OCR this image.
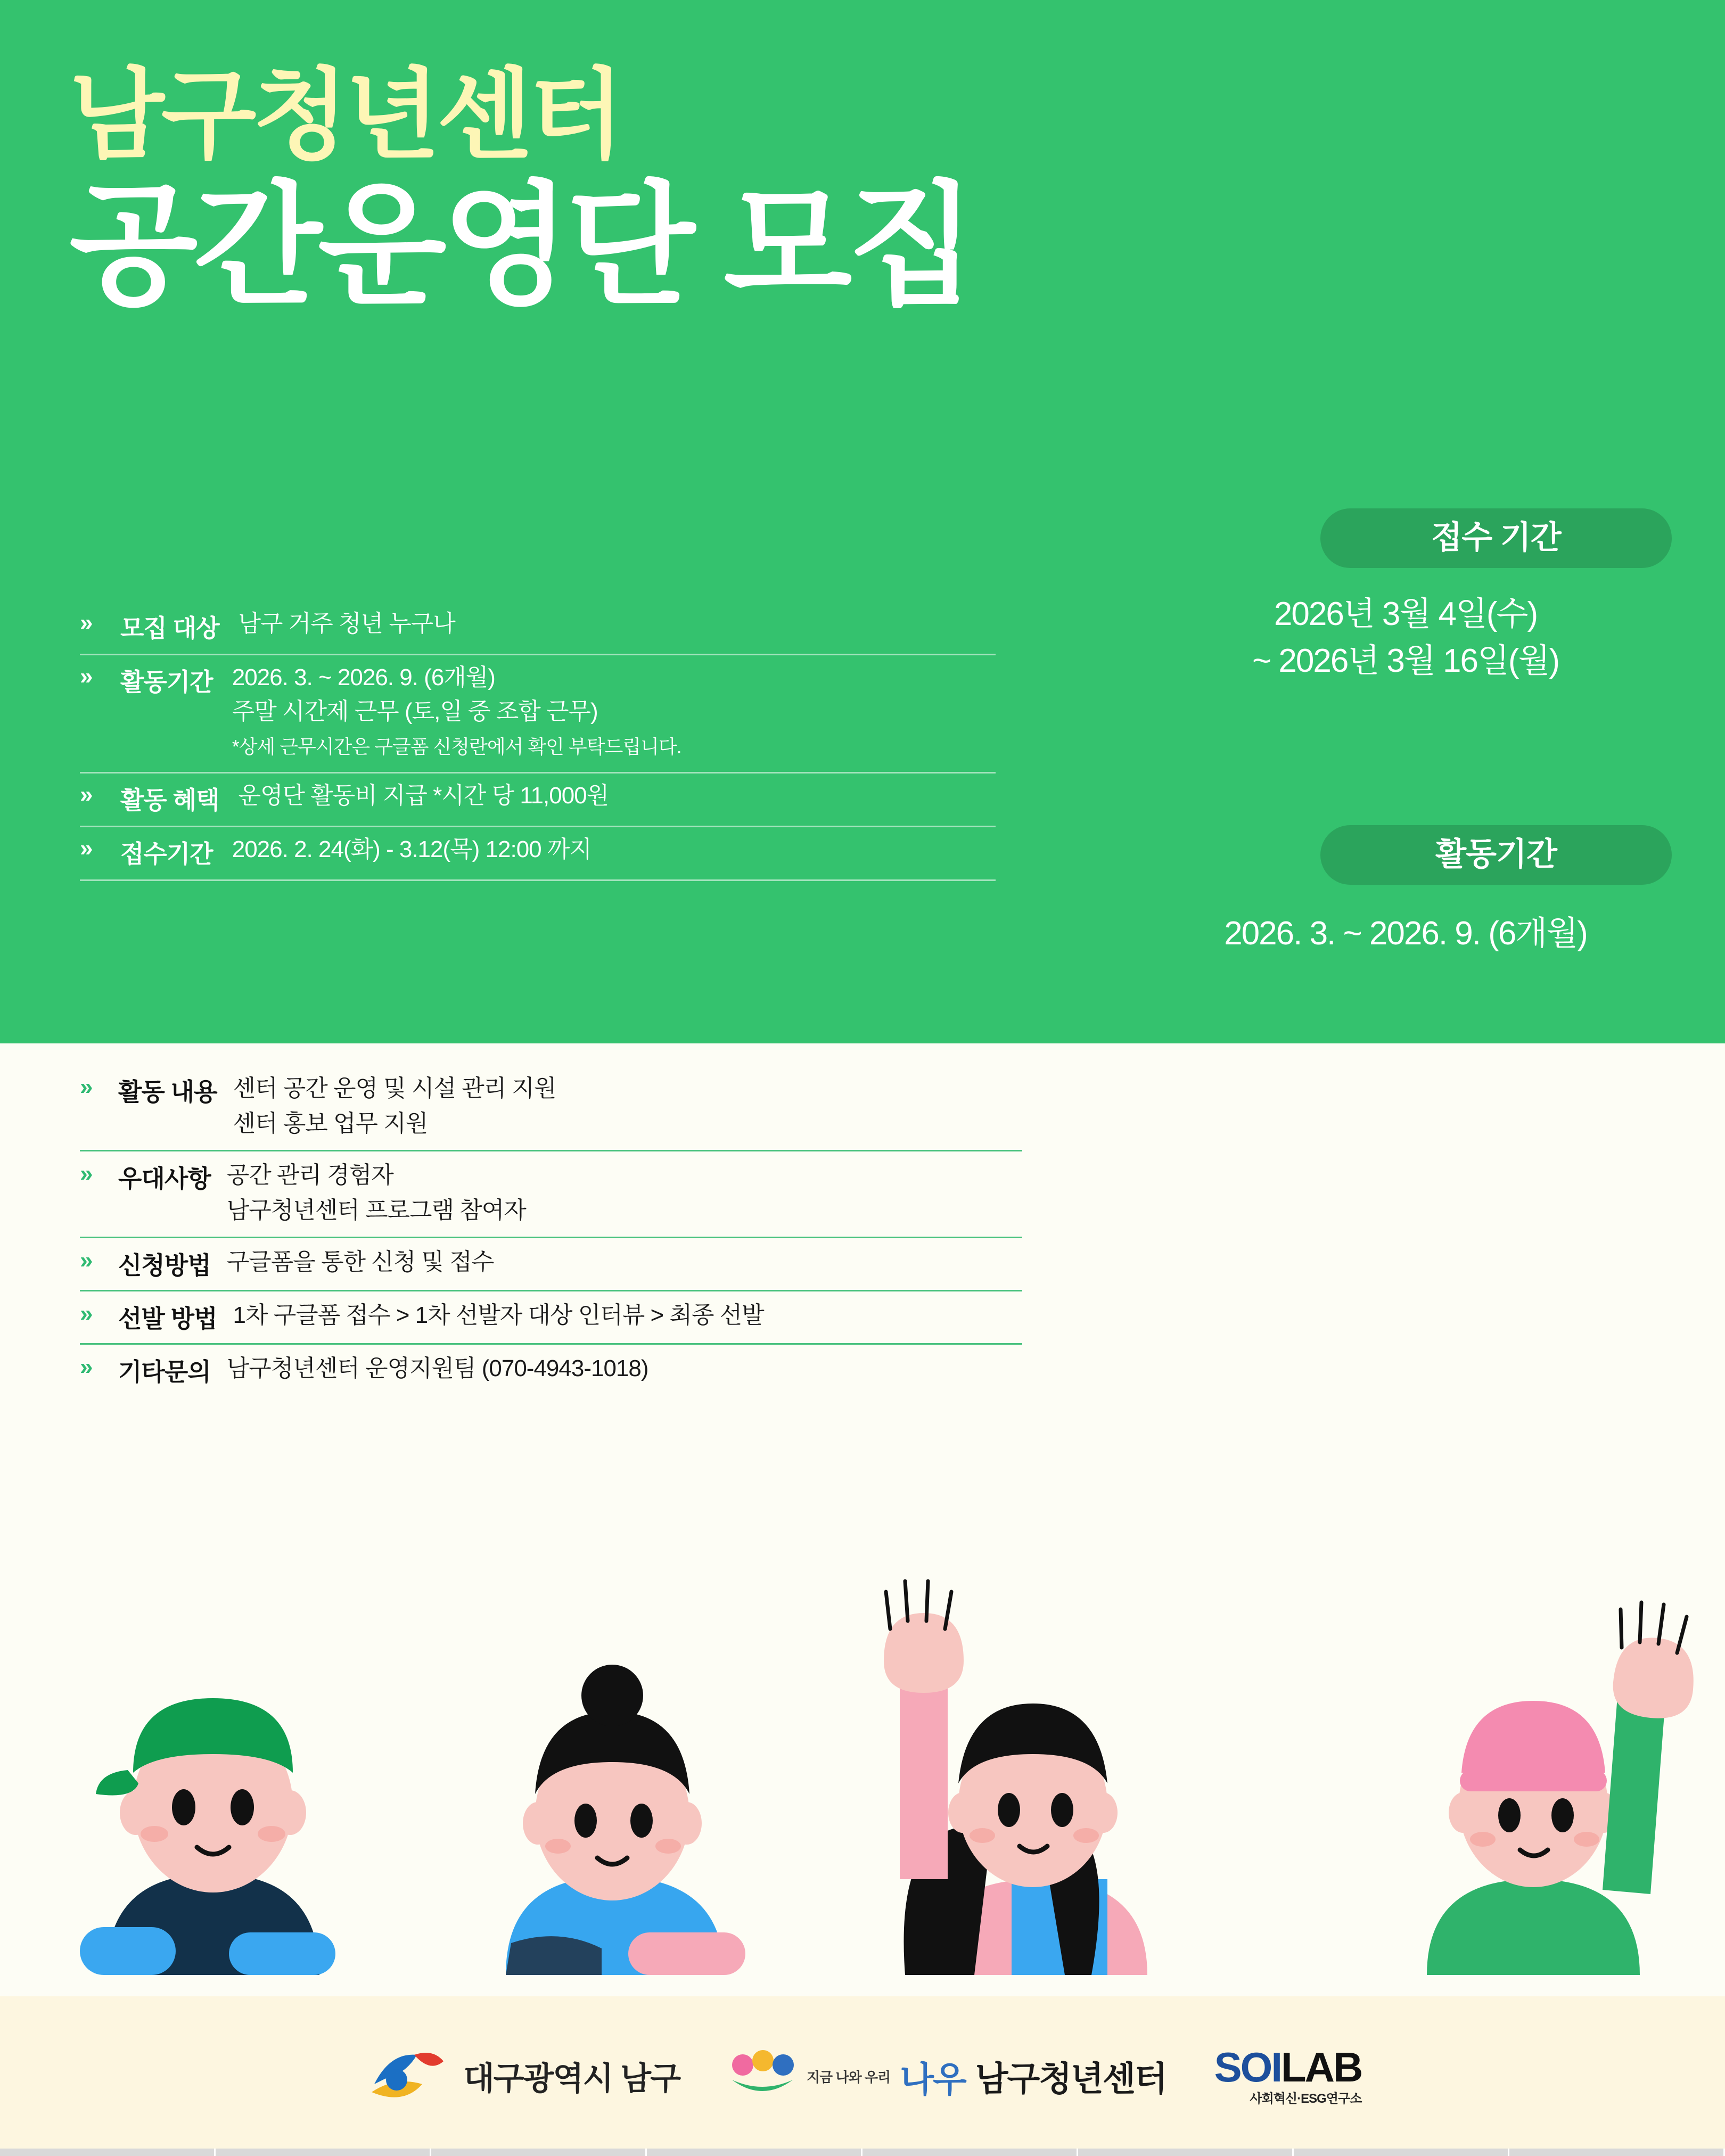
남구청년센터
공간운영단 모집
»	모집 대상 남구 거주 청년 누구나
»	활동기간 2026. 3. ~ 2026. 9. (6개월)
주말 시간제 근무 (토,일 중 조합 근무)
*상세 근무시간은 구글폼 신청란에서 확인 부탁드립니다.
»	활동 혜택 운영단 활동비 지급 *시간 당 11,000원
»	접수기간 2026. 2. 24(화) - 3.12(목) 12:00 까지
접수 기간
2026년 3월 4일(수)
~ 2026년 3월 16일(월)
활동기간
2026. 3. ~ 2026. 9. (6개월)
»	활동 내용 센터 공간 운영 및 시설 관리 지원
센터 홍보 업무 지원
»	우대사항 공간 관리 경험자
남구청년센터 프로그램 참여자
»	신청방법 구글폼을 통한 신청 및 접수
»	선발 방법 1차 구글폼 접수 > 1차 선발자 대상 인터뷰 > 최종 선발
»	기타문의 남구청년센터 운영지원팀 (070-4943-1018)
대구광역시 남구	지금 나와 우리 나우 남구청년센터 SOILAB
사회혁신·ESG연구소
